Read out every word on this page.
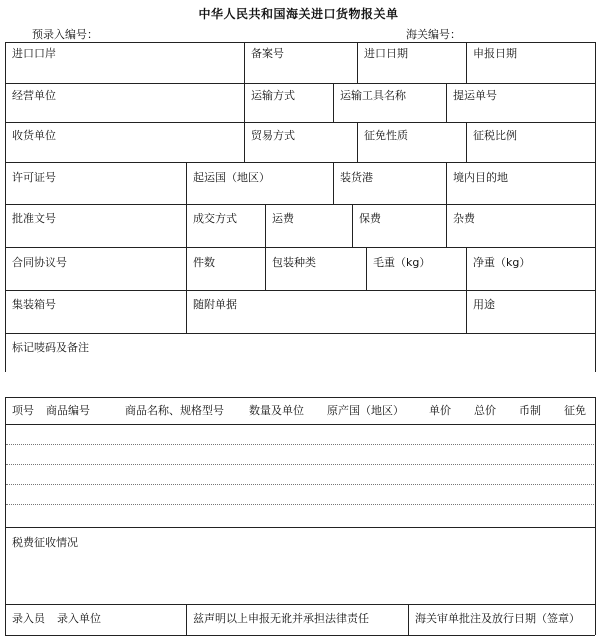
中华人民共和国海关进口货物报关单
预录入编号：	海关编号：
进口口岸	备案号	进口日期	申报日期
经营单位	运输方式	运输工具名称	提运单号
收货单位	贸易方式	征免性质	征税比例
许可证号	起运国（地区）	装货港	境内目的地
批准文号	成交方式	运费	保费	杂费
合同协议号	件数	包装种类	毛重（kg）	净重（kg）
集装箱号	随附单据	用途
标记唛码及备注
项号 商品编号	商品名称、规格型号 数量及单位 原产国（地区） 单价 总价 币制 征免
税费征收情况
录入员 录入单位	兹声明以上申报无讹并承担法律责任	海关审单批注及放行日期（签章）
